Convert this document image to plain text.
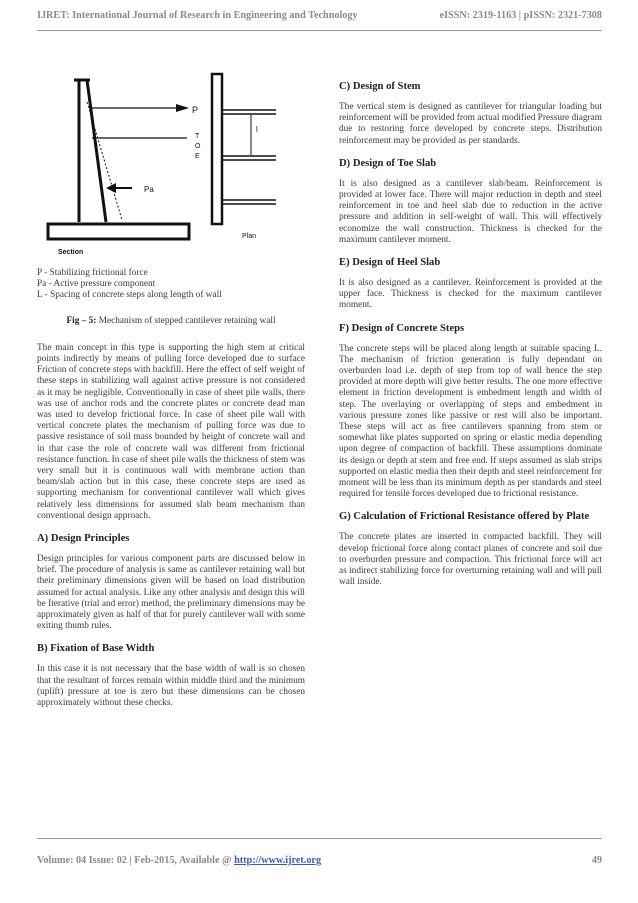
IJRET: International Journal of Research in Engineering and Technology	eISSN: 2319-1163 | pISSN: 2321-7308
P
Pa
Section
T
O
E
l
Plan
P - Stabilizing frictional force
Pa - Active pressure component
L - Spacing of concrete steps along length of wall
Fig – 5: Mechanism of stepped cantilever retaining wall

The main concept in this type is supporting the high stem at critical points indirectly by means of pulling force developed due to surface Friction of concrete steps with backfill. Here the effect of self weight of these steps in stabilizing wall against active pressure is not considered as it may be negligible. Conventionally in case of sheet pile walls, there was use of anchor rods and the concrete plates or concrete dead man was used to develop frictional force. In case of sheet pile wall with vertical concrete plates the mechanism of pulling force was due to passive resistance of soil mass bounded by height of concrete wall and in that case the role of concrete wall was different from frictional resistance function. In case of sheet pile walls the thickness of stem was very small but it is continuous wall with membrane action than beam/slab action but in this case, these concrete steps are used as supporting mechanism for conventional cantilever wall which gives relatively less dimensions for assumed slab beam mechanism than conventional design approach.

A) Design Principles

Design principles for various component parts are discussed below in brief. The procedure of analysis is same as cantilever retaining wall but their preliminary dimensions given will be based on load distribution assumed for actual analysis. Like any other analysis and design this will be Iterative (trial and error) method, the preliminary dimensions may be approximately given as half of that for purely cantilever wall with some exiting thumb rules.

B) Fixation of Base Width

In this case it is not necessary that the base width of wall is so chosen that the resultant of forces remain within middle third and the minimum (uplift) pressure at toe is zero but these dimensions can be chosen approximately without these checks.

C) Design of Stem

The vertical stem is designed as cantilever for triangular loading but reinforcement will be provided from actual modified Pressure diagram due to restoring force developed by concrete steps. Distribution reinforcement may be provided as per standards.

D) Design of Toe Slab

It is also designed as a cantilever slab/beam. Reinforcement is provided at lower face. There will major reduction in depth and steel reinforcement in toe and heel slab due to reduction in the active pressure and addition in self-weight of wall. This will effectively economize the wall construction. Thickness is checked for the maximum cantilever moment.

E) Design of Heel Slab

It is also designed as a cantilever. Reinforcement is provided at the upper face. Thickness is checked for the maximum cantilever moment.

F) Design of Concrete Steps

The concrete steps will be placed along length at suitable spacing L. The mechanism of friction generation is fully dependant on overburden load i.e. depth of step from top of wall hence the step provided at more depth will give better results. The one more effective element in friction development is embedment length and width of step. The overlaying or overlapping of steps and embedment in various pressure zones like passive or rest will also be important. These steps will act as free cantilevers spanning from stem or somewhat like plates supported on spring or elastic media depending upon degree of compaction of backfill. These assumptions dominate its design or depth at stem and free end. If steps assumed as slab strips supported on elastic media then their depth and steel reinforcement for moment will be less than its minimum depth as per standards and steel required for tensile forces developed due to frictional resistance.

G) Calculation of Frictional Resistance offered by Plate

The concrete plates are inserted in compacted backfill. They will develop frictional force along contact planes of concrete and soil due to overburden pressure and compaction. This frictional force will act as indirect stabilizing force for overturning retaining wall and will pull wall inside.

Volume: 04 Issue: 02 | Feb-2015, Available @ http://www.ijret.org	49
